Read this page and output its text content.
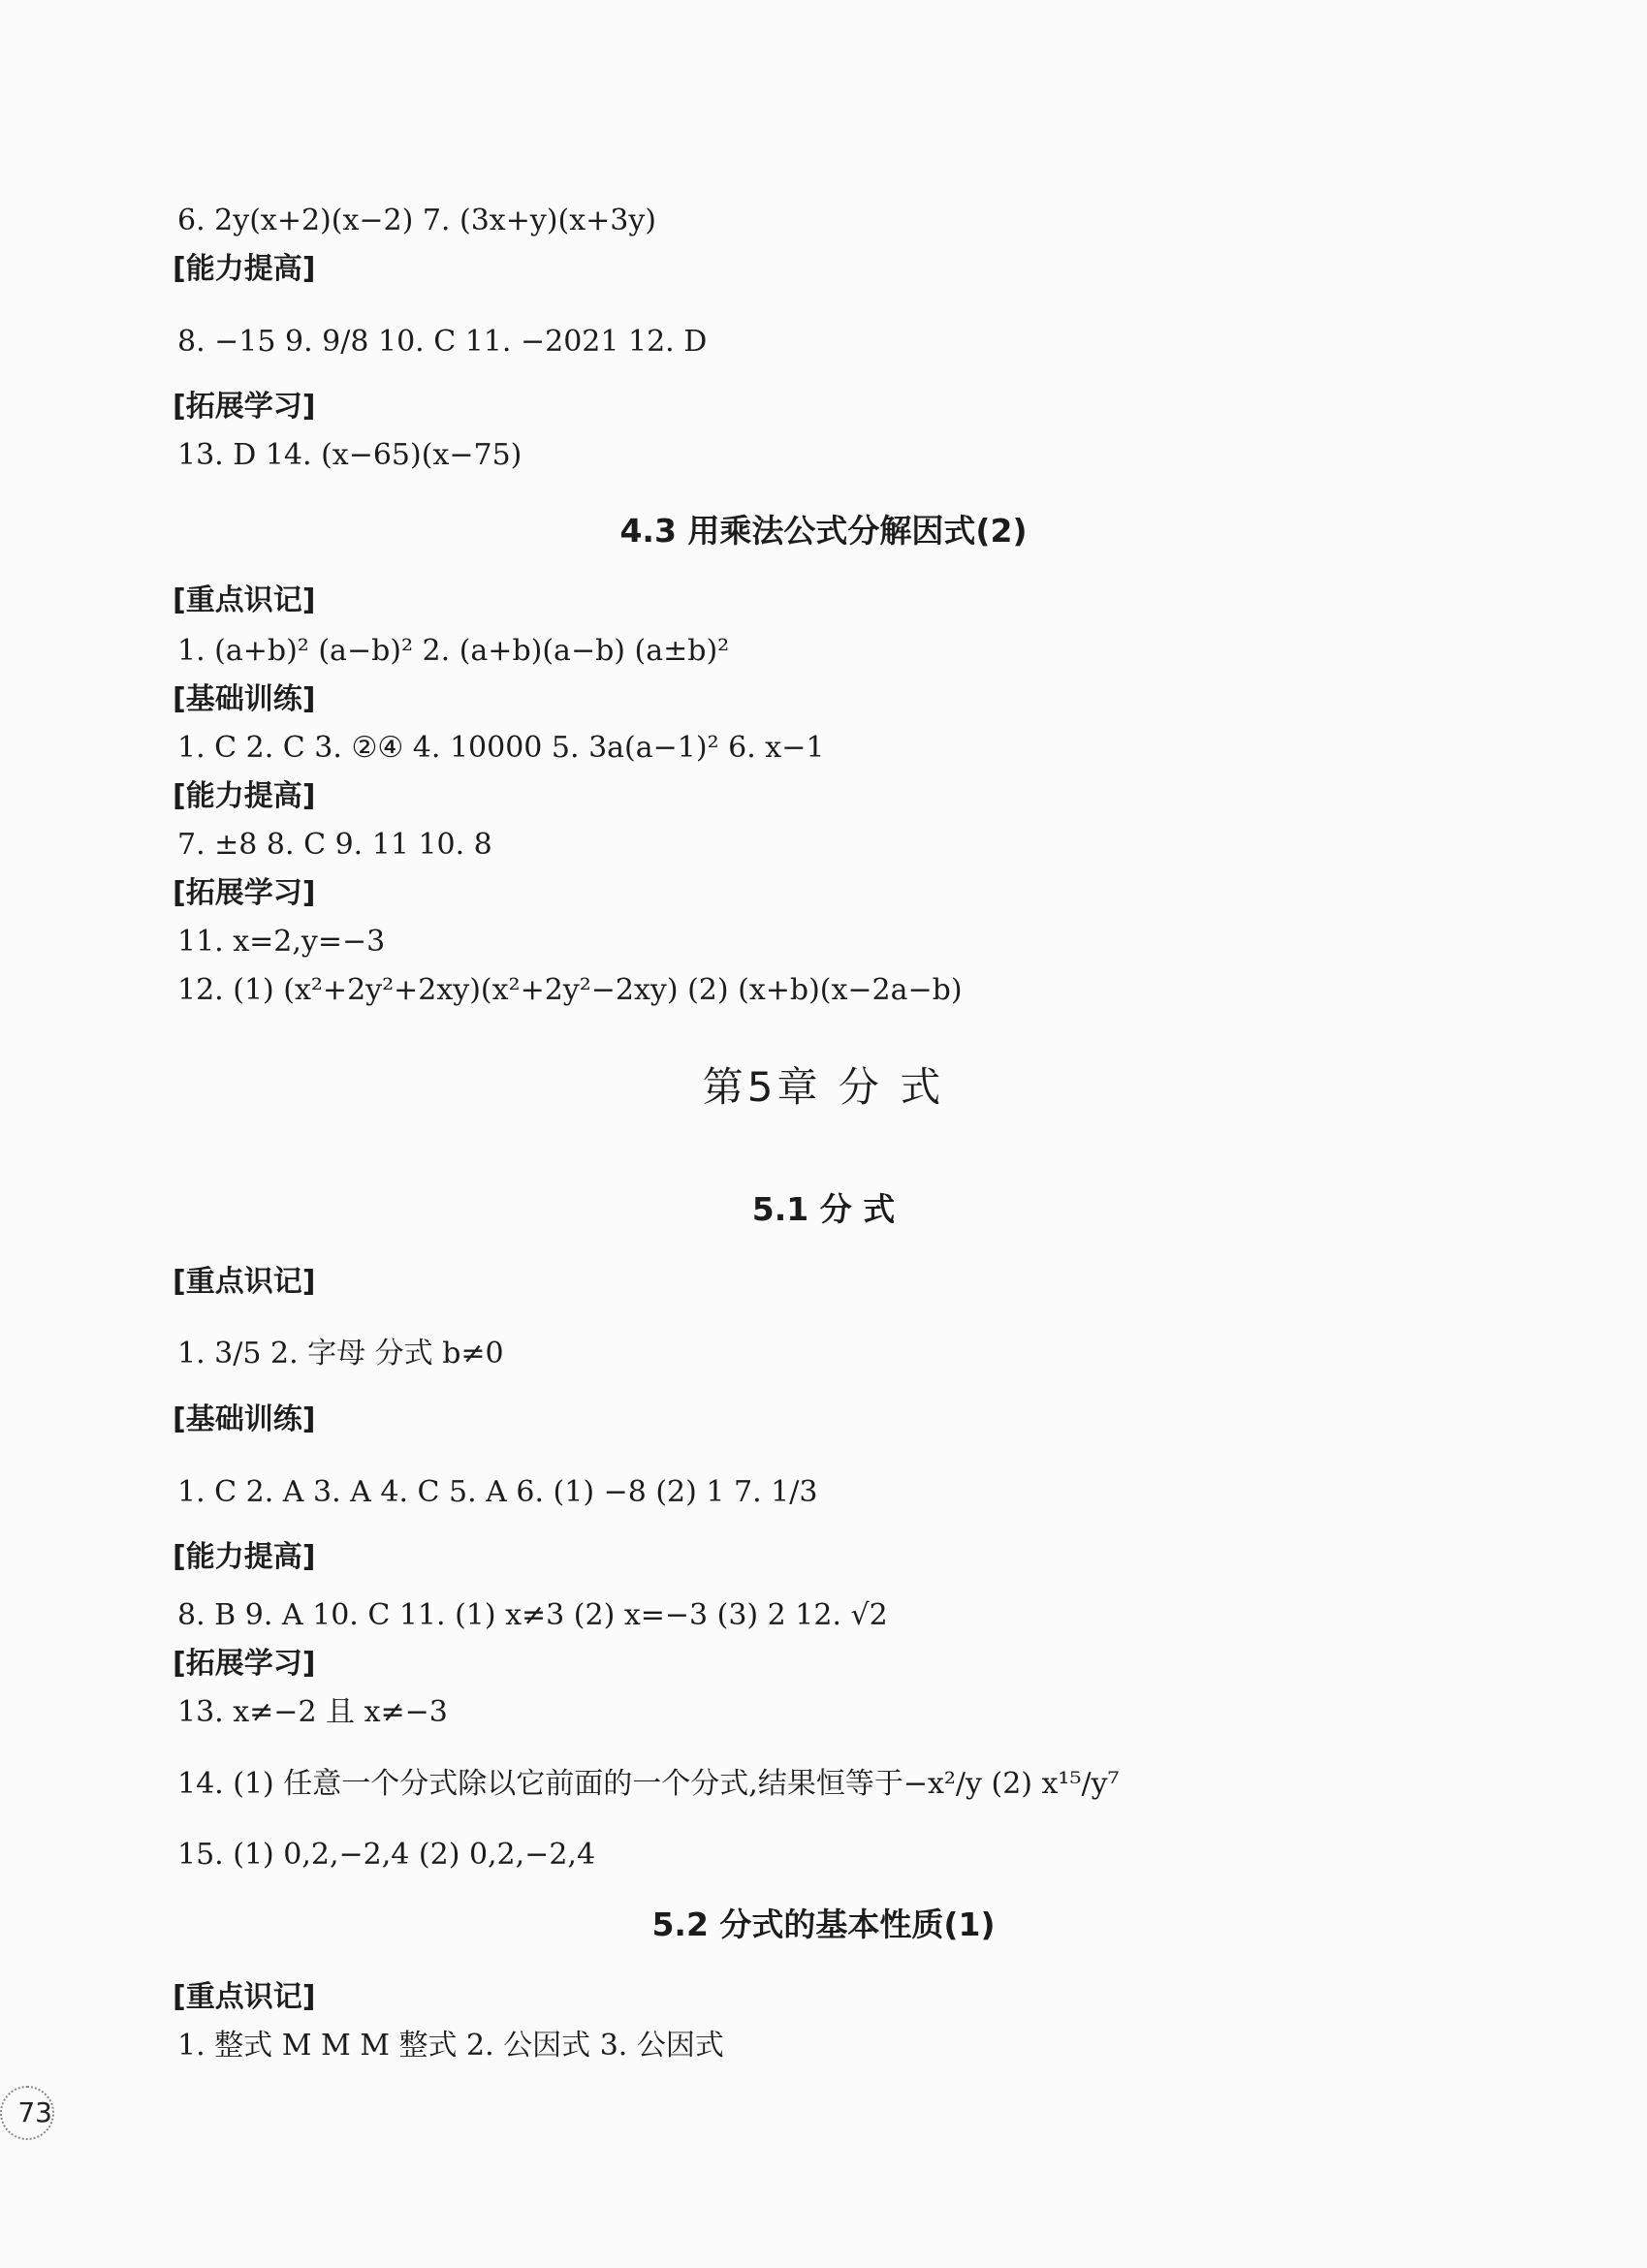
6. 2y(x+2)(x−2) 7. (3x+y)(x+3y)
[能力提高]
8. −15 9. 9/8 10. C 11. −2021 12. D
[拓展学习]
13. D 14. (x−65)(x−75)
4.3 用乘法公式分解因式(2)
[重点识记]
1. (a+b)² (a−b)² 2. (a+b)(a−b) (a±b)²
[基础训练]
1. C 2. C 3. ②④ 4. 10000 5. 3a(a−1)² 6. x−1
[能力提高]
7. ±8 8. C 9. 11 10. 8
[拓展学习]
11. x=2,y=−3
12. (1) (x²+2y²+2xy)(x²+2y²−2xy) (2) (x+b)(x−2a−b)
第5章 分 式
5.1 分 式
[重点识记]
1. 3/5 2. 字母 分式 b≠0
[基础训练]
1. C 2. A 3. A 4. C 5. A 6. (1) −8 (2) 1 7. 1/3
[能力提高]
8. B 9. A 10. C 11. (1) x≠3 (2) x=−3 (3) 2 12. √2
[拓展学习]
13. x≠−2 且 x≠−3
14. (1) 任意一个分式除以它前面的一个分式,结果恒等于−x²/y (2) x¹⁵/y⁷
15. (1) 0,2,−2,4 (2) 0,2,−2,4
5.2 分式的基本性质(1)
[重点识记]
1. 整式 M M M 整式 2. 公因式 3. 公因式
73
